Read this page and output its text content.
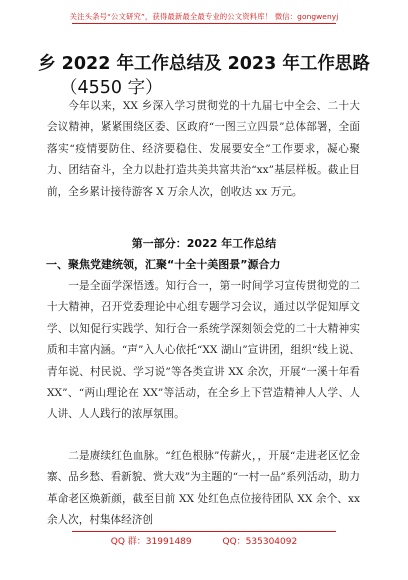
关注头条号“公文研究”，获得最新最全最专业的公文资料库！ 微信：gongwenyj
乡 2022 年工作总结及 2023 年工作思路
（4550 字）
今年以来，XX 乡深入学习贯彻党的十九届七中全会、二十大会议精神，紧紧围绕区委、区政府“一图三立四景”总体部署，全面落实“疫情要防住、经济要稳住、发展要安全”工作要求，凝心聚力、团结奋斗，全力以赴打造共美共富共治“xx”基层样板。截止目前，全乡累计接待游客 X 万余人次，创收达 xx 万元。
第一部分：2022 年工作总结
一、聚焦党建统领，汇聚“十全十美图景”源合力
一是全面学深悟透。知行合一，第一时间学习宣传贯彻党的二十大精神，召开党委理论中心组专题学习会议，通过以学促知厚文学、以知促行实践学、知行合一系统学深刻领会党的二十大精神实质和丰富内涵。“声”入人心依托“XX 湖山”宣讲团，组织“线上说、青年说、村民说、学习说”等各类宣讲 XX 余次，开展“一溪十年看 XX”、“两山理论在 XX”等活动，在全乡上下营造精神人人学、人人讲、人人践行的浓厚氛围。
二是赓续红色血脉。“红色根脉”传薪火，，开展“走进老区忆金寨、品乡愁、看新貌、赏大戏”为主题的“一村一品”系列活动，助力革命老区焕新颜，截至目前 XX 处红色点位接待团队 XX 余个、xx 余人次，村集体经济创
QQ 群：31991489	QQ：535304092
